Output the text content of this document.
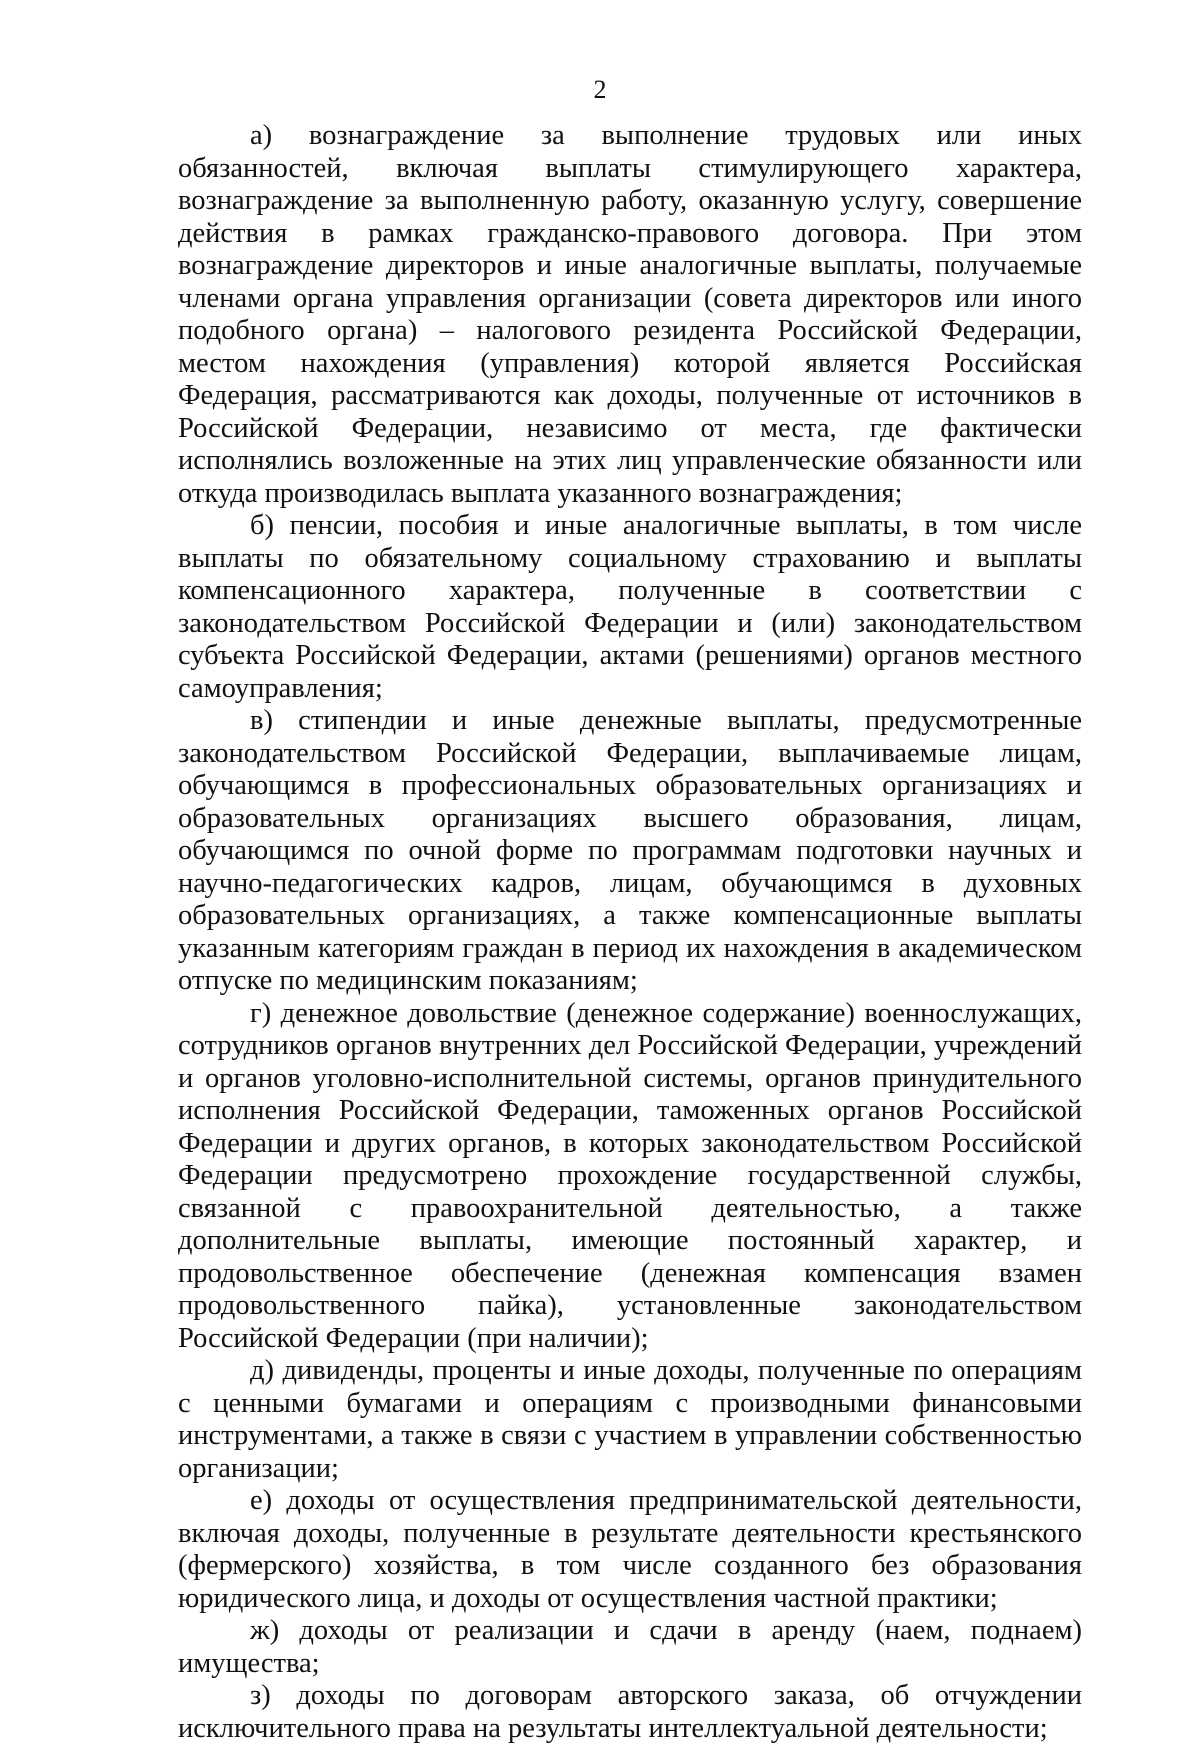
2

а) вознаграждение за выполнение трудовых или иных обязанностей, включая выплаты стимулирующего характера, вознаграждение за выполненную работу, оказанную услугу, совершение действия в рамках гражданско-правового договора. При этом вознаграждение директоров и иные аналогичные выплаты, получаемые членами органа управления организации (совета директоров или иного подобного органа) – налогового резидента Российской Федерации, местом нахождения (управления) которой является Российская Федерация, рассматриваются как доходы, полученные от источников в Российской Федерации, независимо от места, где фактически исполнялись возложенные на этих лиц управленческие обязанности или откуда производилась выплата указанного вознаграждения;

б) пенсии, пособия и иные аналогичные выплаты, в том числе выплаты по обязательному социальному страхованию и выплаты компенсационного характера, полученные в соответствии с законодательством Российской Федерации и (или) законодательством субъекта Российской Федерации, актами (решениями) органов местного самоуправления;

в) стипендии и иные денежные выплаты, предусмотренные законодательством Российской Федерации, выплачиваемые лицам, обучающимся в профессиональных образовательных организациях и образовательных организациях высшего образования, лицам, обучающимся по очной форме по программам подготовки научных и научно-педагогических кадров, лицам, обучающимся в духовных образовательных организациях, а также компенсационные выплаты указанным категориям граждан в период их нахождения в академическом отпуске по медицинским показаниям;

г) денежное довольствие (денежное содержание) военнослужащих, сотрудников органов внутренних дел Российской Федерации, учреждений и органов уголовно-исполнительной системы, органов принудительного исполнения Российской Федерации, таможенных органов Российской Федерации и других органов, в которых законодательством Российской Федерации предусмотрено прохождение государственной службы, связанной с правоохранительной деятельностью, а также дополнительные выплаты, имеющие постоянный характер, и продовольственное обеспечение (денежная компенсация взамен продовольственного пайка), установленные законодательством Российской Федерации (при наличии);

д) дивиденды, проценты и иные доходы, полученные по операциям с ценными бумагами и операциям с производными финансовыми инструментами, а также в связи с участием в управлении собственностью организации;

е) доходы от осуществления предпринимательской деятельности, включая доходы, полученные в результате деятельности крестьянского (фермерского) хозяйства, в том числе созданного без образования юридического лица, и доходы от осуществления частной практики;

ж) доходы от реализации и сдачи в аренду (наем, поднаем) имущества;

з) доходы по договорам авторского заказа, об отчуждении исключительного права на результаты интеллектуальной деятельности;
